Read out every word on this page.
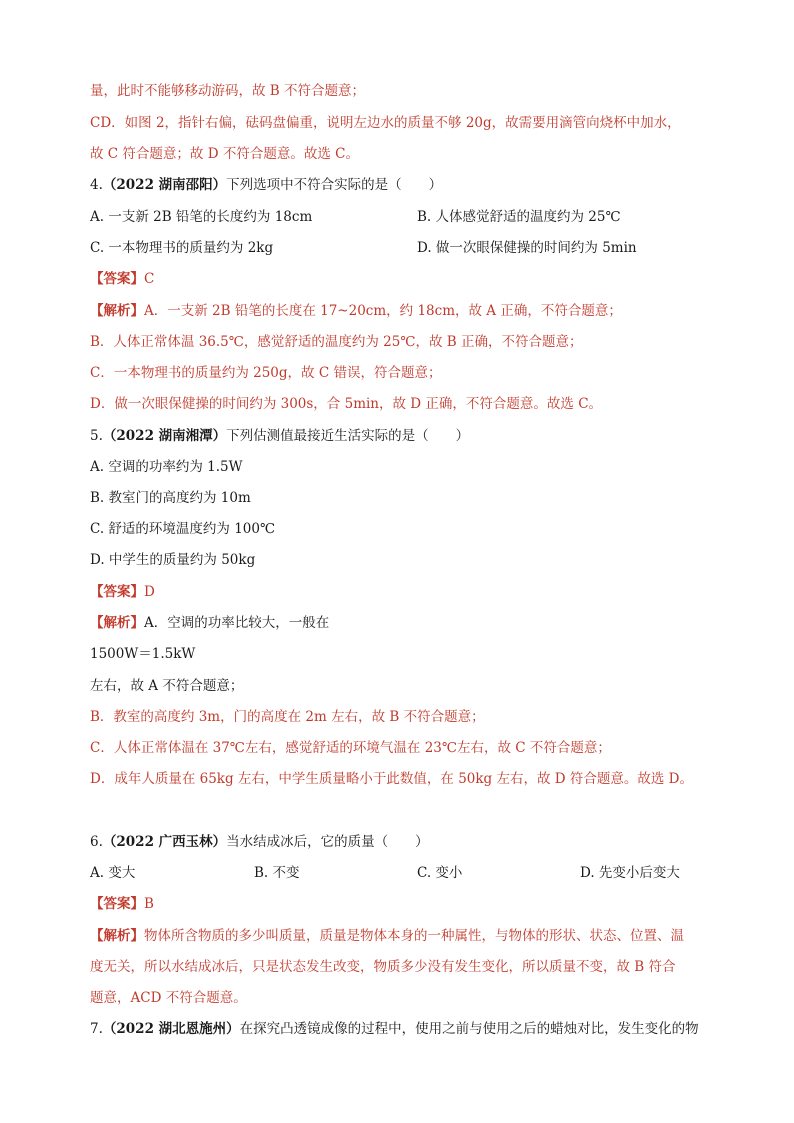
量，此时不能够移动游码，故 B 不符合题意；
CD．如图 2，指针右偏，砝码盘偏重，说明左边水的质量不够 20g，故需要用滴管向烧杯中加水，
故 C 符合题意；故 D 不符合题意。故选 C。
4.（2022 湖南邵阳）下列选项中不符合实际的是（　　）
A. 一支新 2B 铅笔的长度约为 18cm	B. 人体感觉舒适的温度约为 25℃
C. 一本物理书的质量约为 2kg	D. 做一次眼保健操的时间约为 5min
【答案】C
【解析】A．一支新 2B 铅笔的长度在 17~20cm，约 18cm，故 A 正确，不符合题意；
B．人体正常体温 36.5℃，感觉舒适的温度约为 25℃，故 B 正确，不符合题意；
C．一本物理书的质量约为 250g，故 C 错误，符合题意；
D．做一次眼保健操的时间约为 300s，合 5min，故 D 正确，不符合题意。故选 C。
5.（2022 湖南湘潭）下列估测值最接近生活实际的是（　　）
A. 空调的功率约为 1.5W
B. 教室门的高度约为 10m
C. 舒适的环境温度约为 100℃
D. 中学生的质量约为 50kg
【答案】D
【解析】A．空调的功率比较大，一般在
1500W＝1.5kW
左右，故 A 不符合题意；
B．教室的高度约 3m，门的高度在 2m 左右，故 B 不符合题意；
C．人体正常体温在 37℃左右，感觉舒适的环境气温在 23℃左右，故 C 不符合题意；
D．成年人质量在 65kg 左右，中学生质量略小于此数值，在 50kg 左右，故 D 符合题意。故选 D。
6.（2022 广西玉林）当水结成冰后，它的质量（　　）
A. 变大	B. 不变	C. 变小	D. 先变小后变大
【答案】B
【解析】物体所含物质的多少叫质量，质量是物体本身的一种属性，与物体的形状、状态、位置、温
度无关，所以水结成冰后，只是状态发生改变，物质多少没有发生变化，所以质量不变，故 B 符合
题意，ACD 不符合题意。
7.（2022 湖北恩施州）在探究凸透镜成像的过程中，使用之前与使用之后的蜡烛对比，发生变化的物
